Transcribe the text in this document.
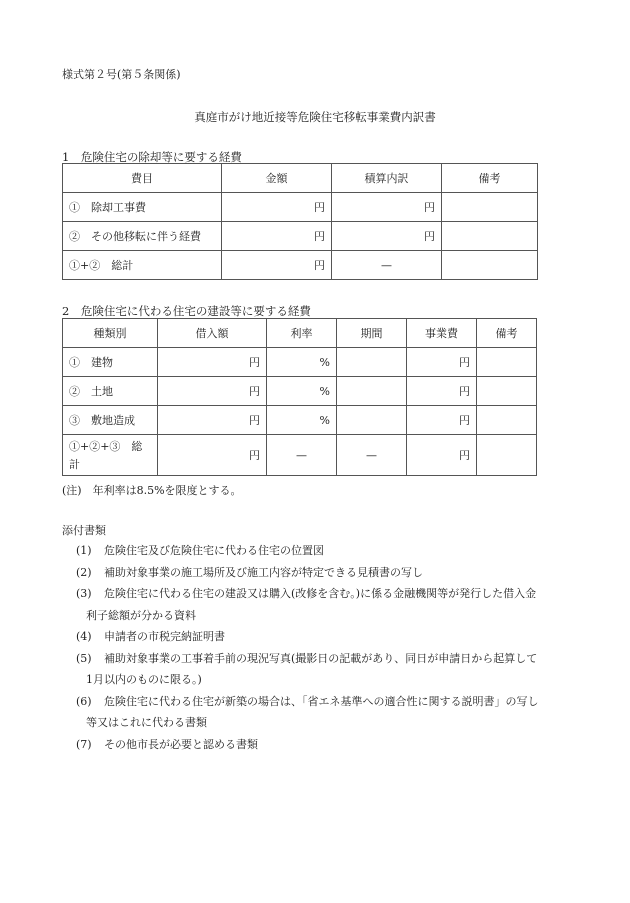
様式第２号(第５条関係)
真庭市がけ地近接等危険住宅移転事業費内訳書
1　危険住宅の除却等に要する経費
費目	金額	積算内訳	備考
①　除却工事費	円	円	
②　その他移転に伴う経費	円	円	
①+②　総計	円	—	
2　危険住宅に代わる住宅の建設等に要する経費
種類別	借入額	利率	期間	事業費	備考
①　建物	円	%		円	
②　土地	円	%		円	
③　敷地造成	円	%		円	
①+②+③　総計	円	—	—	円	
(注)　年利率は8.5%を限度とする。
添付書類
(1)	危険住宅及び危険住宅に代わる住宅の位置図
(2)	補助対象事業の施工場所及び施工内容が特定できる見積書の写し
(3)	危険住宅に代わる住宅の建設又は購入(改修を含む。)に係る金融機関等が発行した借入金
利子総額が分かる資料
(4)	申請者の市税完納証明書
(5)	補助対象事業の工事着手前の現況写真(撮影日の記載があり、同日が申請日から起算して
1月以内のものに限る。)
(6)	危険住宅に代わる住宅が新築の場合は、「省エネ基準への適合性に関する説明書」の写し
等又はこれに代わる書類
(7)	その他市長が必要と認める書類
